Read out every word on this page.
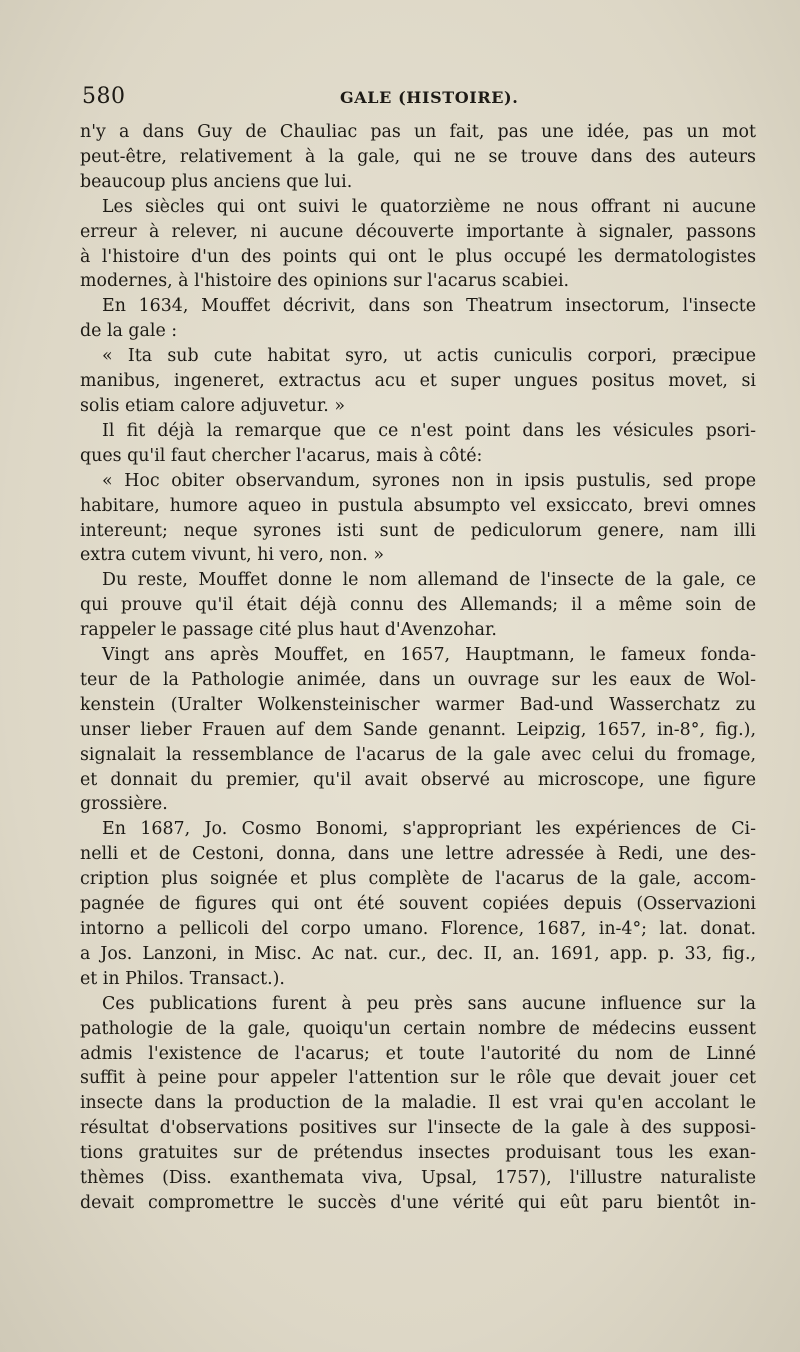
580	GALE (HISTOIRE).

n'y a dans Guy de Chauliac pas un fait, pas une idée, pas un mot

peut-être, relativement à la gale, qui ne se trouve dans des auteurs

beaucoup plus anciens que lui.

Les siècles qui ont suivi le quatorzième ne nous offrant ni aucune

erreur à relever, ni aucune découverte importante à signaler, passons

à l'histoire d'un des points qui ont le plus occupé les dermatologistes

modernes, à l'histoire des opinions sur l'acarus scabiei.

En 1634, Mouffet décrivit, dans son Theatrum insectorum, l'insecte

de la gale :

« Ita sub cute habitat syro, ut actis cuniculis corpori, præcipue

manibus, ingeneret, extractus acu et super ungues positus movet, si

solis etiam calore adjuvetur. »

Il fit déjà la remarque que ce n'est point dans les vésicules psori-

ques qu'il faut chercher l'acarus, mais à côté:

« Hoc obiter observandum, syrones non in ipsis pustulis, sed prope

habitare, humore aqueo in pustula absumpto vel exsiccato, brevi omnes

intereunt; neque syrones isti sunt de pediculorum genere, nam illi

extra cutem vivunt, hi vero, non. »

Du reste, Mouffet donne le nom allemand de l'insecte de la gale, ce

qui prouve qu'il était déjà connu des Allemands; il a même soin de

rappeler le passage cité plus haut d'Avenzohar.

Vingt ans après Mouffet, en 1657, Hauptmann, le fameux fonda-

teur de la Pathologie animée, dans un ouvrage sur les eaux de Wol-

kenstein (Uralter Wolkensteinischer warmer Bad-und Wasserchatz zu

unser lieber Frauen auf dem Sande genannt. Leipzig, 1657, in-8°, fig.),

signalait la ressemblance de l'acarus de la gale avec celui du fromage,

et donnait du premier, qu'il avait observé au microscope, une figure

grossière.

En 1687, Jo. Cosmo Bonomi, s'appropriant les expériences de Ci-

nelli et de Cestoni, donna, dans une lettre adressée à Redi, une des-

cription plus soignée et plus complète de l'acarus de la gale, accom-

pagnée de figures qui ont été souvent copiées depuis (Osservazioni

intorno a pellicoli del corpo umano. Florence, 1687, in-4°; lat. donat.

a Jos. Lanzoni, in Misc. Ac nat. cur., dec. II, an. 1691, app. p. 33, fig.,

et in Philos. Transact.).

Ces publications furent à peu près sans aucune influence sur la

pathologie de la gale, quoiqu'un certain nombre de médecins eussent

admis l'existence de l'acarus; et toute l'autorité du nom de Linné

suffit à peine pour appeler l'attention sur le rôle que devait jouer cet

insecte dans la production de la maladie. Il est vrai qu'en accolant le

résultat d'observations positives sur l'insecte de la gale à des supposi-

tions gratuites sur de prétendus insectes produisant tous les exan-

thèmes (Diss. exanthemata viva, Upsal, 1757), l'illustre naturaliste

devait compromettre le succès d'une vérité qui eût paru bientôt in-
